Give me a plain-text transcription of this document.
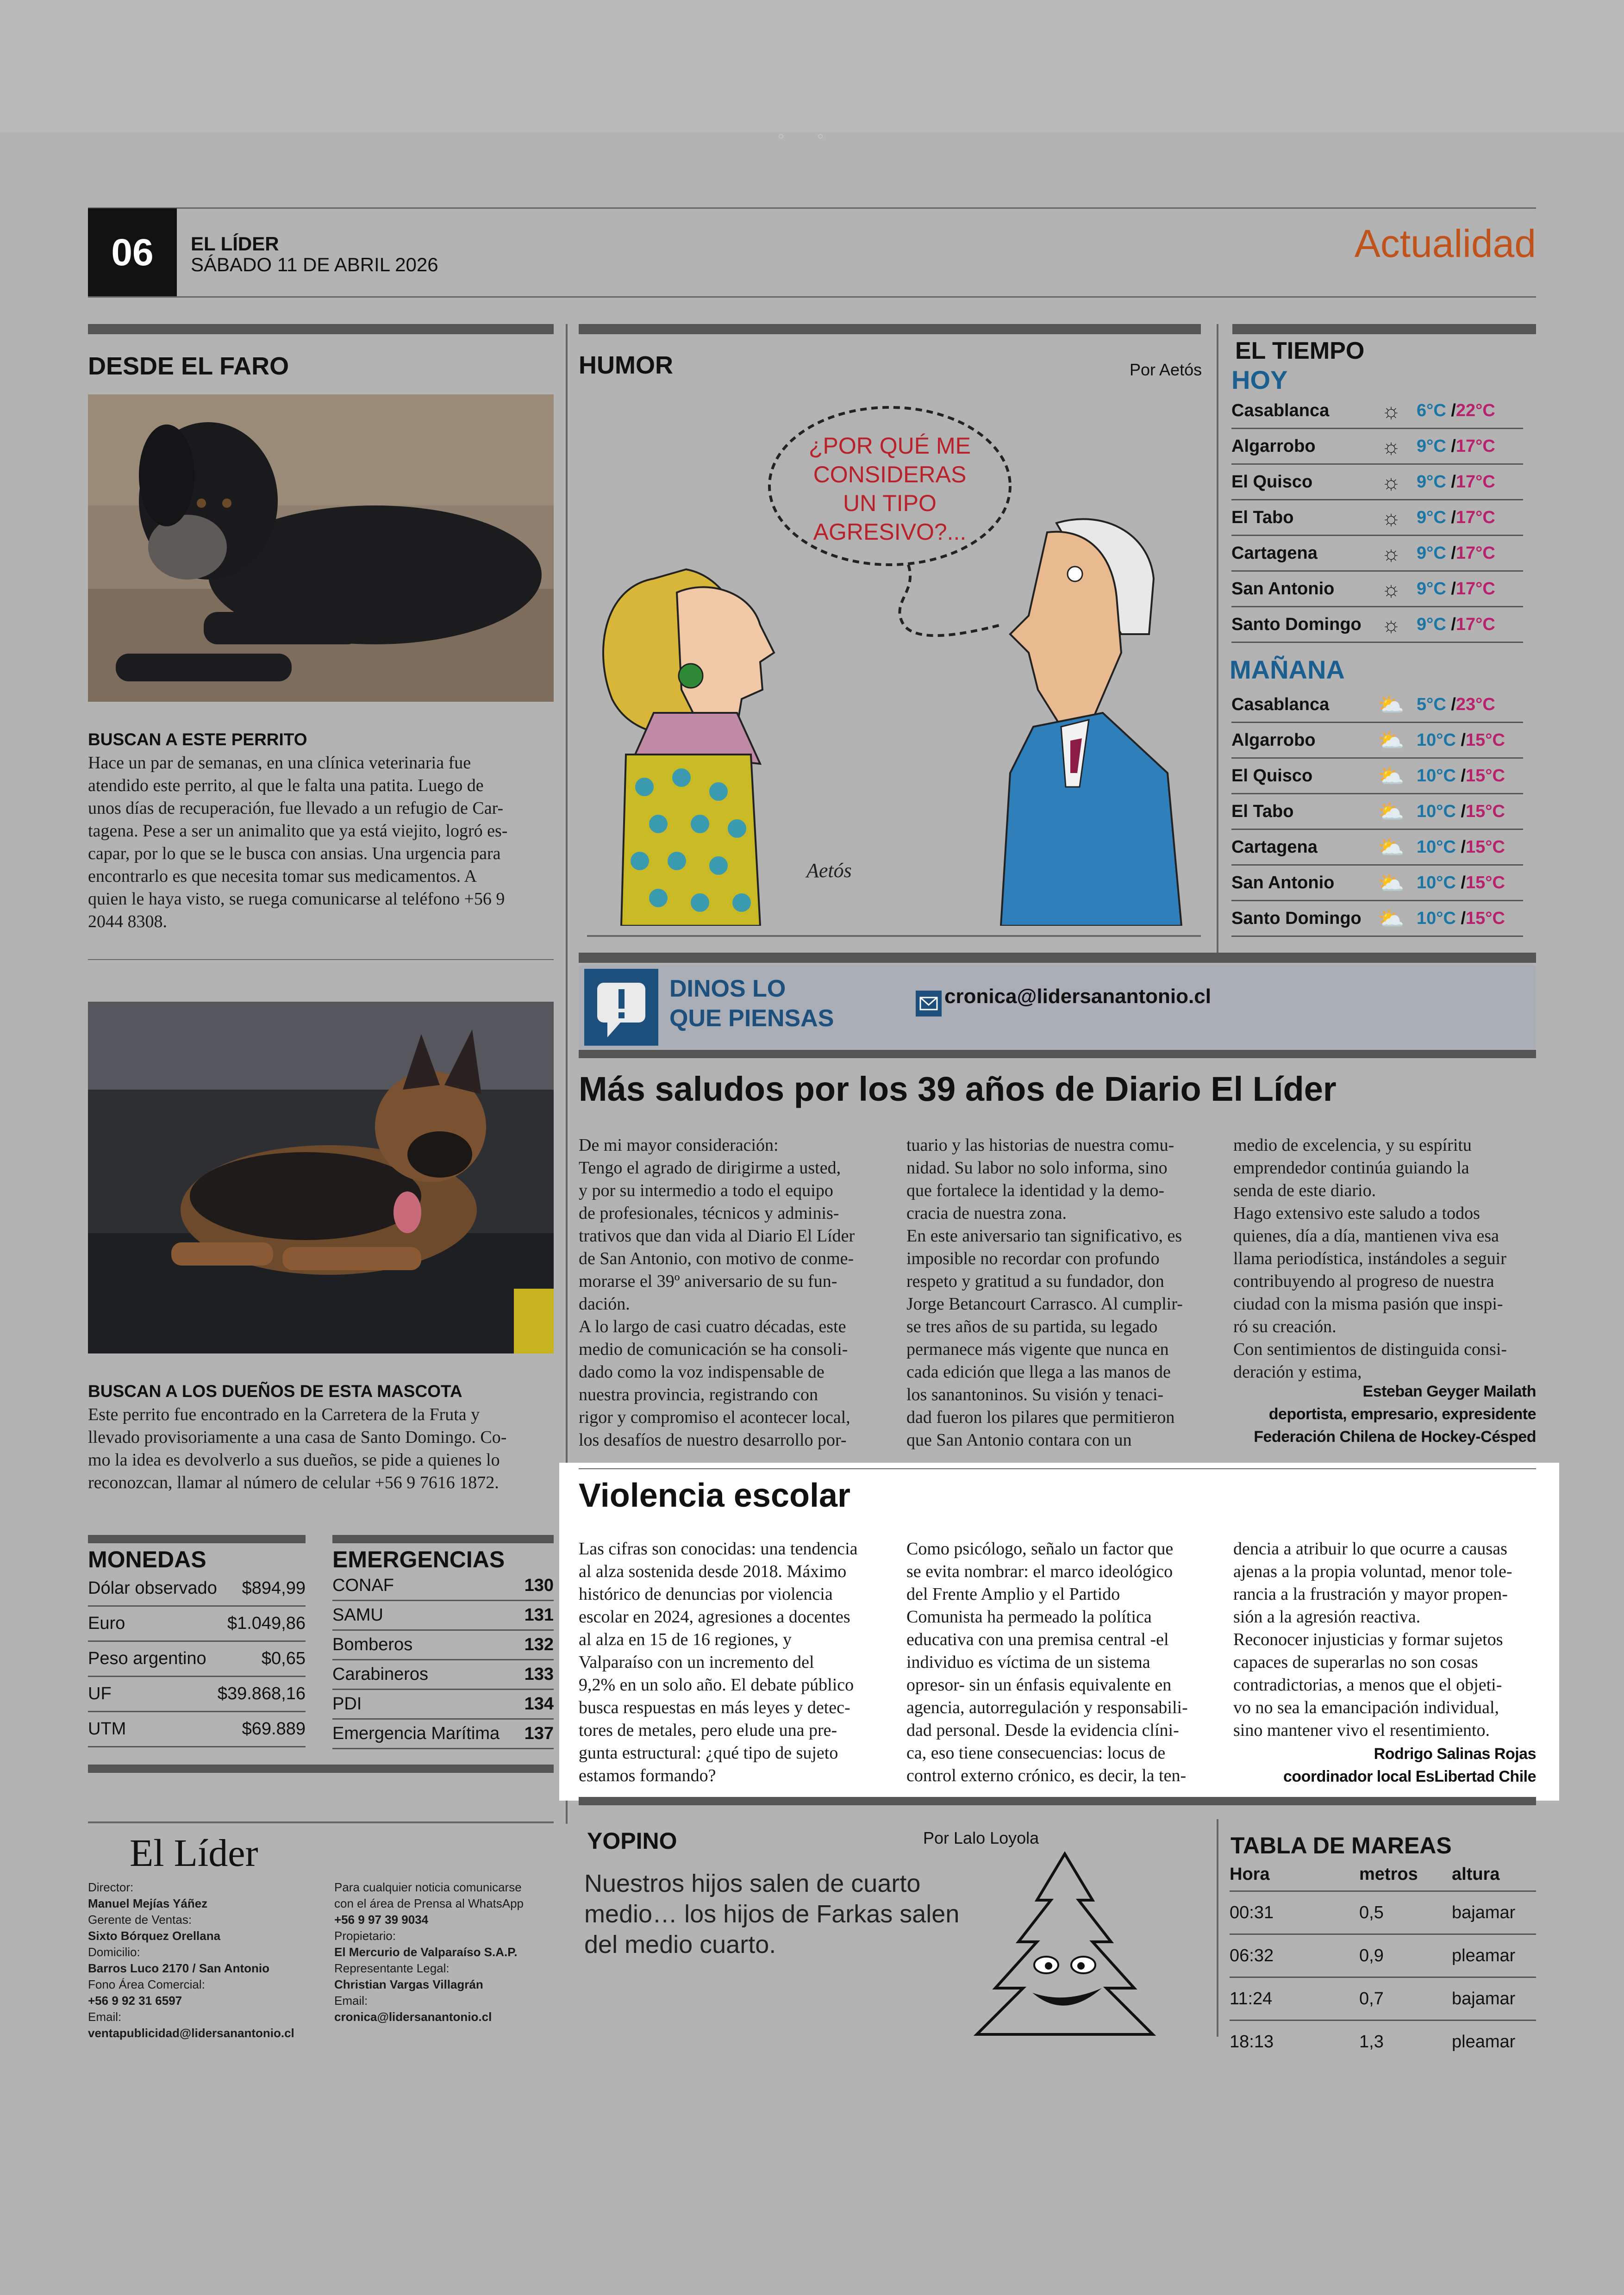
◦ ◦
06	EL LÍDER
SÁBADO 11 DE ABRIL 2026	Actualidad
DESDE EL FARO
BUSCAN A ESTE PERRITO
Hace un par de semanas, en una clínica veterinaria fue
atendido este perrito, al que le falta una patita. Luego de
unos días de recuperación, fue llevado a un refugio de Car-
tagena. Pese a ser un animalito que ya está viejito, logró es-
capar, por lo que se le busca con ansias. Una urgencia para
encontrarlo es que necesita tomar sus medicamentos. A
quien le haya visto, se ruega comunicarse al teléfono +56 9
2044 8308.
BUSCAN A LOS DUEÑOS DE ESTA MASCOTA
Este perrito fue encontrado en la Carretera de la Fruta y
llevado provisoriamente a una casa de Santo Domingo. Co-
mo la idea es devolverlo a sus dueños, se pide a quienes lo
reconozcan, llamar al número de celular +56 9 7616 1872.
MONEDAS
Dólar observado $894,99
Euro	$1.049,86
Peso argentino	$0,65
UF	$39.868,16
UTM	$69.889
EMERGENCIAS
CONAF	130
SAMU	131
Bomberos	132
Carabineros	133
PDI	134
Emergencia Marítima 137
HUMOR	Por Aetós
¿POR QUÉ ME
CONSIDERAS
UN TIPO
AGRESIVO?...
Aetós
EL TIEMPO
HOY
Casablanca	☼ 6°C /22°C
Algarrobo	☼ 9°C /17°C
El Quisco	☼ 9°C /17°C
El Tabo	☼ 9°C /17°C
Cartagena	☼ 9°C /17°C
San Antonio	☼ 9°C /17°C
Santo Domingo ☼ 9°C /17°C
MAÑANA
Casablanca	⛅ 5°C /23°C
Algarrobo	⛅ 10°C /15°C
El Quisco	⛅ 10°C /15°C
El Tabo	⛅ 10°C /15°C
Cartagena	⛅ 10°C /15°C
San Antonio	⛅ 10°C /15°C
Santo Domingo ⛅ 10°C /15°C
DINOS LO
QUE PIENSAS
cronica@lidersanantonio.cl
Más saludos por los 39 años de Diario El Líder
De mi mayor consideración:
Tengo el agrado de dirigirme a usted,
y por su intermedio a todo el equipo
de profesionales, técnicos y adminis-
trativos que dan vida al Diario El Líder
de San Antonio, con motivo de conme-
morarse el 39º aniversario de su fun-
dación.
A lo largo de casi cuatro décadas, este
medio de comunicación se ha consoli-
dado como la voz indispensable de
nuestra provincia, registrando con
rigor y compromiso el acontecer local,
los desafíos de nuestro desarrollo por-
tuario y las historias de nuestra comu-
nidad. Su labor no solo informa, sino
que fortalece la identidad y la demo-
cracia de nuestra zona.
En este aniversario tan significativo, es
imposible no recordar con profundo
respeto y gratitud a su fundador, don
Jorge Betancourt Carrasco. Al cumplir-
se tres años de su partida, su legado
permanece más vigente que nunca en
cada edición que llega a las manos de
los sanantoninos. Su visión y tenaci-
dad fueron los pilares que permitieron
que San Antonio contara con un
medio de excelencia, y su espíritu
emprendedor continúa guiando la
senda de este diario.
Hago extensivo este saludo a todos
quienes, día a día, mantienen viva esa
llama periodística, instándoles a seguir
contribuyendo al progreso de nuestra
ciudad con la misma pasión que inspi-
ró su creación.
Con sentimientos de distinguida consi-
deración y estima,
Esteban Geyger Mailath
deportista, empresario, expresidente
Federación Chilena de Hockey-Césped
Violencia escolar
Las cifras son conocidas: una tendencia
al alza sostenida desde 2018. Máximo
histórico de denuncias por violencia
escolar en 2024, agresiones a docentes
al alza en 15 de 16 regiones, y
Valparaíso con un incremento del
9,2% en un solo año. El debate público
busca respuestas en más leyes y detec-
tores de metales, pero elude una pre-
gunta estructural: ¿qué tipo de sujeto
estamos formando?
Como psicólogo, señalo un factor que
se evita nombrar: el marco ideológico
del Frente Amplio y el Partido
Comunista ha permeado la política
educativa con una premisa central -el
individuo es víctima de un sistema
opresor- sin un énfasis equivalente en
agencia, autorregulación y responsabili-
dad personal. Desde la evidencia clíni-
ca, eso tiene consecuencias: locus de
control externo crónico, es decir, la ten-
dencia a atribuir lo que ocurre a causas
ajenas a la propia voluntad, menor tole-
rancia a la frustración y mayor propen-
sión a la agresión reactiva.
Reconocer injusticias y formar sujetos
capaces de superarlas no son cosas
contradictorias, a menos que el objeti-
vo no sea la emancipación individual,
sino mantener vivo el resentimiento.
Rodrigo Salinas Rojas
coordinador local EsLibertad Chile
El Líder
Director:
Manuel Mejías Yáñez
Gerente de Ventas:
Sixto Bórquez Orellana
Domicilio:
Barros Luco 2170 / San Antonio
Fono Área Comercial:
+56 9 92 31 6597
Email:
ventapublicidad@lidersanantonio.cl
Para cualquier noticia comunicarse
con el área de Prensa al WhatsApp
+56 9 97 39 9034
Propietario:
El Mercurio de Valparaíso S.A.P.
Representante Legal:
Christian Vargas Villagrán
Email:
cronica@lidersanantonio.cl
YOPINO	Por Lalo Loyola
Nuestros hijos salen de cuarto
medio… los hijos de Farkas salen
del medio cuarto.
TABLA DE MAREAS
Hora	metros	altura
00:31	0,5	bajamar
06:32	0,9	pleamar
11:24	0,7	bajamar
18:13	1,3	pleamar
